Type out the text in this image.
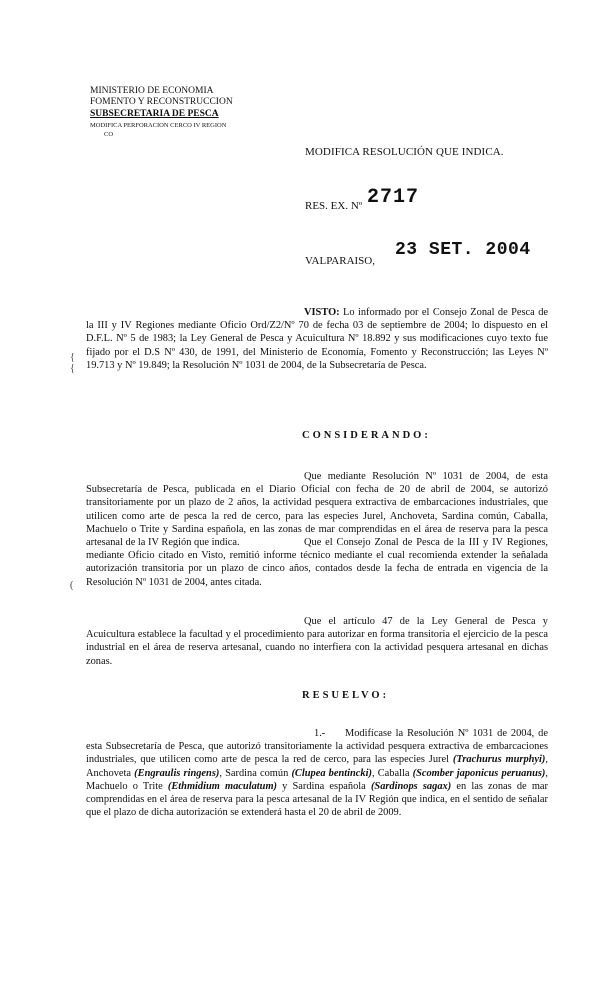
MINISTERIO DE ECONOMIA
FOMENTO Y RECONSTRUCCION
SUBSECRETARIA DE PESCA
MODIFICA PERFORACION CERCO IV REGION
CO
MODIFICA RESOLUCIÓN QUE INDICA.
RES. EX. Nº 2717
VALPARAISO,
23 SET. 2004
VISTO: Lo informado por el Consejo Zonal de Pesca de la III y IV Regiones mediante Oficio Ord/Z2/Nº 70 de fecha 03 de septiembre de 2004; lo dispuesto en el D.F.L. Nº 5 de 1983; la Ley General de Pesca y Acuicultura Nº 18.892 y sus modificaciones cuyo texto fue fijado por el D.S Nº 430, de 1991, del Ministerio de Economía, Fomento y Reconstrucción; las Leyes Nº 19.713 y Nº 19.849; la Resolución Nº 1031 de 2004, de la Subsecretaría de Pesca.
CONSIDERANDO:
Que mediante Resolución Nº 1031 de 2004, de esta Subsecretaría de Pesca, publicada en el Diario Oficial con fecha de 20 de abril de 2004, se autorizó transitoriamente por un plazo de 2 años, la actividad pesquera extractiva de embarcaciones industriales, que utilicen como arte de pesca la red de cerco, para las especies Jurel, Anchoveta, Sardina común, Caballa, Machuelo o Trite y Sardina española, en las zonas de mar comprendidas en el área de reserva para la pesca artesanal de la IV Región que indica.	Que el Consejo Zonal de Pesca de la III y IV Regiones, mediante Oficio citado en Visto, remitió informe técnico mediante el cual recomienda extender la señalada autorización transitoria por un plazo de cinco años, contados desde la fecha de entrada en vigencia de la Resolución Nº 1031 de 2004, antes citada.
Que el artículo 47 de la Ley General de Pesca y Acuicultura establece la facultad y el procedimiento para autorizar en forma transitoria el ejercicio de la pesca industrial en el área de reserva artesanal, cuando no interfiera con la actividad pesquera artesanal en dichas zonas.
RESUELVO:
1.- Modifícase la Resolución Nº 1031 de 2004, de esta Subsecretaría de Pesca, que autorizó transitoriamente la actividad pesquera extractiva de embarcaciones industriales, que utilicen como arte de pesca la red de cerco, para las especies Jurel (Trachurus murphyi), Anchoveta (Engraulis ringens), Sardina común (Clupea bentincki), Caballa (Scomber japonicus peruanus), Machuelo o Trite (Ethmidium maculatum) y Sardina española (Sardinops sagax) en las zonas de mar comprendidas en el área de reserva para la pesca artesanal de la IV Región que indica, en el sentido de señalar que el plazo de dicha autorización se extenderá hasta el 20 de abril de 2009.
{
{
(
